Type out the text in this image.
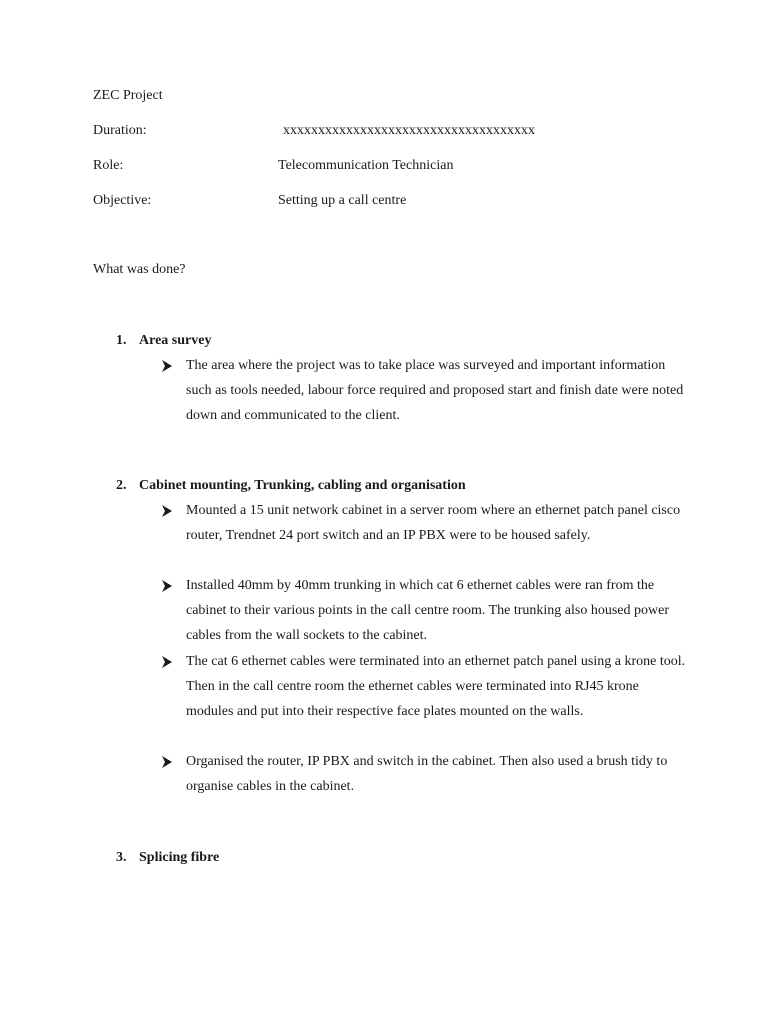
ZEC Project
Duration:	xxxxxxxxxxxxxxxxxxxxxxxxxxxxxxxxxxxx
Role:	Telecommunication Technician
Objective:	Setting up a call centre
What was done?
1. Area survey
The area where the project was to take place was surveyed and important information such as tools needed, labour force required and proposed start and finish date were noted down and communicated to the client.
2. Cabinet mounting, Trunking, cabling and organisation
Mounted a 15 unit network cabinet in a server room where an ethernet patch panel cisco router, Trendnet 24 port switch and an IP PBX were to be housed safely.
Installed 40mm by 40mm trunking in which cat 6 ethernet cables were ran from the cabinet to their various points in the call centre room. The trunking also housed power cables from the wall sockets to the cabinet.
The cat 6 ethernet cables were terminated into an ethernet patch panel using a krone tool. Then in the call centre room the ethernet cables were terminated into RJ45 krone modules and put into their respective face plates mounted on the walls.
Organised the router, IP PBX and switch in the cabinet. Then also used a brush tidy to organise cables in the cabinet.
3. Splicing fibre
